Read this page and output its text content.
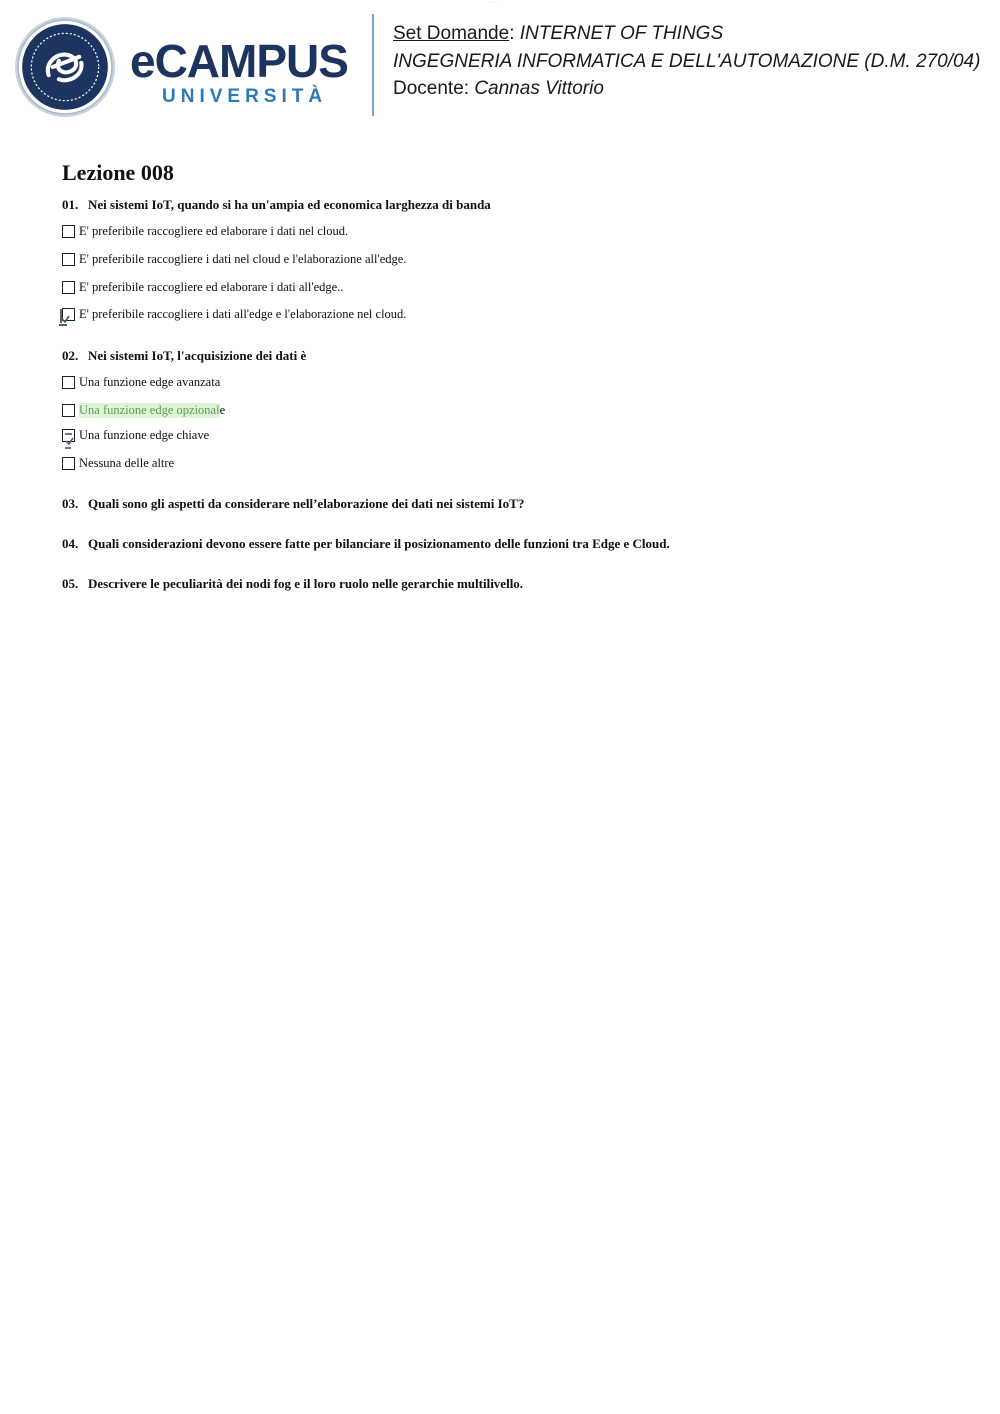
·····
eCAMPUS
UNIVERSITÀ
Set Domande: INTERNET OF THINGS
INGEGNERIA INFORMATICA E DELL'AUTOMAZIONE (D.M. 270/04)
Docente: Cannas Vittorio
Lezione 008
01. Nei sistemi IoT, quando si ha un'ampia ed economica larghezza di banda
E' preferibile raccogliere ed elaborare i dati nel cloud.
E' preferibile raccogliere i dati nel cloud e l'elaborazione all'edge.
E' preferibile raccogliere ed elaborare i dati all'edge..
E' preferibile raccogliere i dati all'edge e l'elaborazione nel cloud.
02. Nei sistemi IoT, l'acquisizione dei dati è
Una funzione edge avanzata
Una funzione edge opzional e
Una funzione edge chiave
Nessuna delle altre
03. Quali sono gli aspetti da considerare nell’elaborazione dei dati nei sistemi IoT?
04. Quali considerazioni devono essere fatte per bilanciare il posizionamento delle funzioni tra Edge e Cloud.
05. Descrivere le peculiarità dei nodi fog e il loro ruolo nelle gerarchie multilivello.
